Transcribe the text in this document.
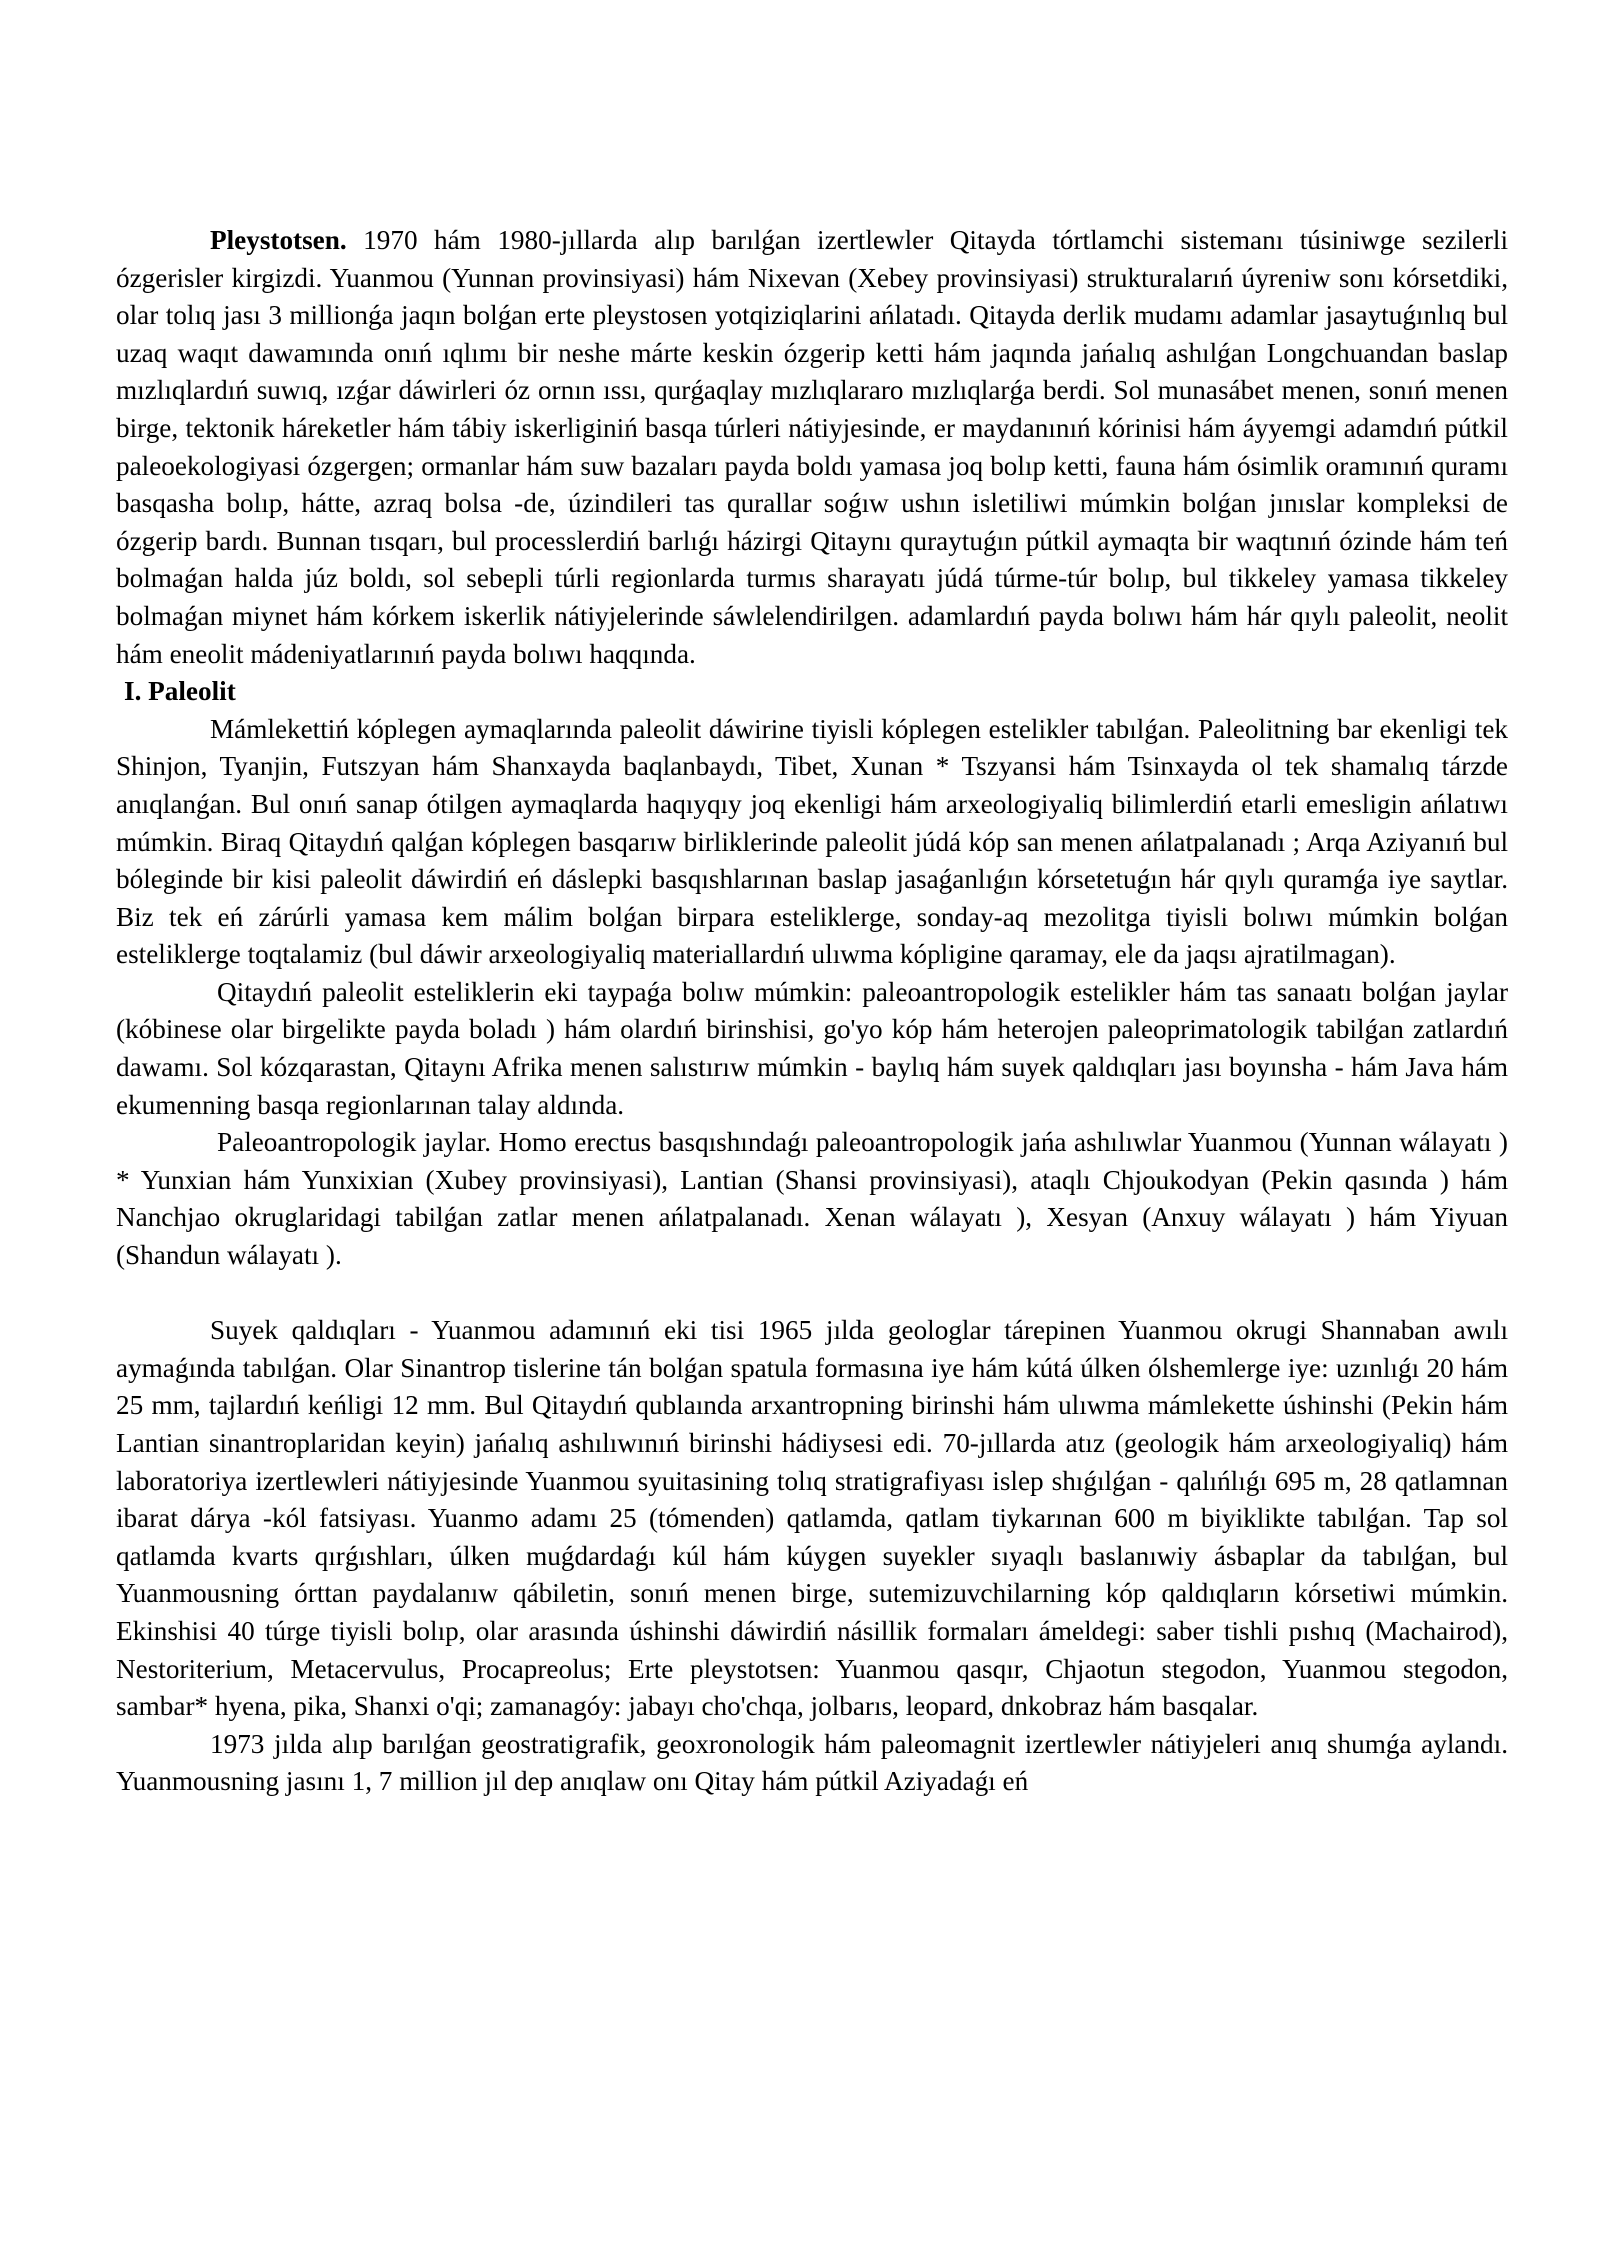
Pleystotsen. 1970 hám 1980-jıllarda alıp barılǵan izertlewler Qitayda tórtlamchi sistemanı túsiniwge sezilerli ózgerisler kirgizdi. Yuanmou (Yunnan provinsiyasi) hám Nixevan (Xebey provinsiyasi) strukturalarıń úyreniw sonı kórsetdiki, olar tolıq jası 3 millionǵa jaqın bolǵan erte pleystosen yotqiziqlarini ańlatadı. Qitayda derlik mudamı adamlar jasaytuǵınlıq bul uzaq waqıt dawamında onıń ıqlımı bir neshe márte keskin ózgerip ketti hám jaqında jańalıq ashılǵan Longchuandan baslap mızlıqlardıń suwıq, ızǵar dáwirleri óz ornın ıssı, qurǵaqlay mızlıqlararo mızlıqlarǵa berdi. Sol munasábet menen, sonıń menen birge, tektonik háreketler hám tábiy iskerliginiń basqa túrleri nátiyjesinde, er maydanınıń kórinisi hám áyyemgi adamdıń pútkil paleoekologiyasi ózgergen; ormanlar hám suw bazaları payda boldı yamasa joq bolıp ketti, fauna hám ósimlik oramınıń quramı basqasha bolıp, hátte, azraq bolsa -de, úzindileri tas qurallar soǵıw ushın isletiliwi múmkin bolǵan jınıslar kompleksi de ózgerip bardı. Bunnan tısqarı, bul processlerdiń barlıǵı házirgi Qitaynı quraytuǵın pútkil aymaqta bir waqtınıń ózinde hám teń bolmaǵan halda júz boldı, sol sebepli túrli regionlarda turmıs sharayatı júdá túrme-túr bolıp, bul tikkeley yamasa tikkeley bolmaǵan miynet hám kórkem iskerlik nátiyjelerinde sáwlelendirilgen. adamlardıń payda bolıwı hám hár qıylı paleolit, neolit hám eneolit mádeniyatlarınıń payda bolıwı haqqında.

I. Paleolit

Mámlekettiń kóplegen aymaqlarında paleolit dáwirine tiyisli kóplegen estelikler tabılǵan. Paleolitning bar ekenligi tek Shinjon, Tyanjin, Futszyan hám Shanxayda baqlanbaydı, Tibet, Xunan * Tszyansi hám Tsinxayda ol tek shamalıq tárzde anıqlanǵan. Bul onıń sanap ótilgen aymaqlarda haqıyqıy joq ekenligi hám arxeologiyaliq bilimlerdiń etarli emesligin ańlatıwı múmkin. Biraq Qitaydıń qalǵan kóplegen basqarıw birliklerinde paleolit júdá kóp san menen ańlatpalanadı ; Arqa Aziyanıń bul bóleginde bir kisi paleolit dáwirdiń eń dáslepki basqıshlarınan baslap jasaǵanlıǵın kórsetetuǵın hár qıylı quramǵa iye saytlar. Biz tek eń zárúrli yamasa kem málim bolǵan birpara esteliklerge, sonday-aq mezolitga tiyisli bolıwı múmkin bolǵan esteliklerge toqtalamiz (bul dáwir arxeologiyaliq materiallardıń ulıwma kópligine qaramay, ele da jaqsı ajratilmagan).

Qitaydıń paleolit esteliklerin eki taypaǵa bolıw múmkin: paleoantropologik estelikler hám tas sanaatı bolǵan jaylar (kóbinese olar birgelikte payda boladı ) hám olardıń birinshisi, go'yo kóp hám heterojen paleoprimatologik tabilǵan zatlardıń dawamı. Sol kózqarastan, Qitaynı Afrika menen salıstırıw múmkin - baylıq hám suyek qaldıqları jası boyınsha - hám Java hám ekumenning basqa regionlarınan talay aldında.

Paleoantropologik jaylar. Homo erectus basqıshındaǵı paleoantropologik jańa ashılıwlar Yuanmou (Yunnan wálayatı ) * Yunxian hám Yunxixian (Xubey provinsiyasi), Lantian (Shansi provinsiyasi), ataqlı Chjoukodyan (Pekin qasında ) hám Nanchjao okruglaridagi tabilǵan zatlar menen ańlatpalanadı. Xenan wálayatı ), Xesyan (Anxuy wálayatı ) hám Yiyuan (Shandun wálayatı ).

Suyek qaldıqları - Yuanmou adamınıń eki tisi 1965 jılda geologlar tárepinen Yuanmou okrugi Shannaban awılı aymaǵında tabılǵan. Olar Sinantrop tislerine tán bolǵan spatula formasına iye hám kútá úlken ólshemlerge iye: uzınlıǵı 20 hám 25 mm, tajlardıń keńligi 12 mm. Bul Qitaydıń qublaında arxantropning birinshi hám ulıwma mámlekette úshinshi (Pekin hám Lantian sinantroplaridan keyin) jańalıq ashılıwınıń birinshi hádiysesi edi. 70-jıllarda atız (geologik hám arxeologiyaliq) hám laboratoriya izertlewleri nátiyjesinde Yuanmou syuitasining tolıq stratigrafiyası islep shıǵılǵan - qalıńlıǵı 695 m, 28 qatlamnan ibarat dárya -kól fatsiyası. Yuanmo adamı 25 (tómenden) qatlamda, qatlam tiykarınan 600 m biyiklikte tabılǵan. Tap sol qatlamda kvarts qırǵıshları, úlken muǵdardaǵı kúl hám kúygen suyekler sıyaqlı baslanıwiy ásbaplar da tabılǵan, bul Yuanmousning órttan paydalanıw qábiletin, sonıń menen birge, sutemizuvchilarning kóp qaldıqların kórsetiwi múmkin. Ekinshisi 40 túrge tiyisli bolıp, olar arasında úshinshi dáwirdiń násillik formaları ámeldegi: saber tishli pıshıq (Machairod), Nestoriterium, Metacervulus, Procapreolus; Erte pleystotsen: Yuanmou qasqır, Chjaotun stegodon, Yuanmou stegodon, sambar* hyena, pika, Shanxi o'qi; zamanagóy: jabayı cho'chqa, jolbarıs, leopard, dnkobraz hám basqalar.

1973 jılda alıp barılǵan geostratigrafik, geoxronologik hám paleomagnit izertlewler nátiyjeleri anıq shumǵa aylandı. Yuanmousning jasını 1, 7 million jıl dep anıqlaw onı Qitay hám pútkil Aziyadaǵı eń
